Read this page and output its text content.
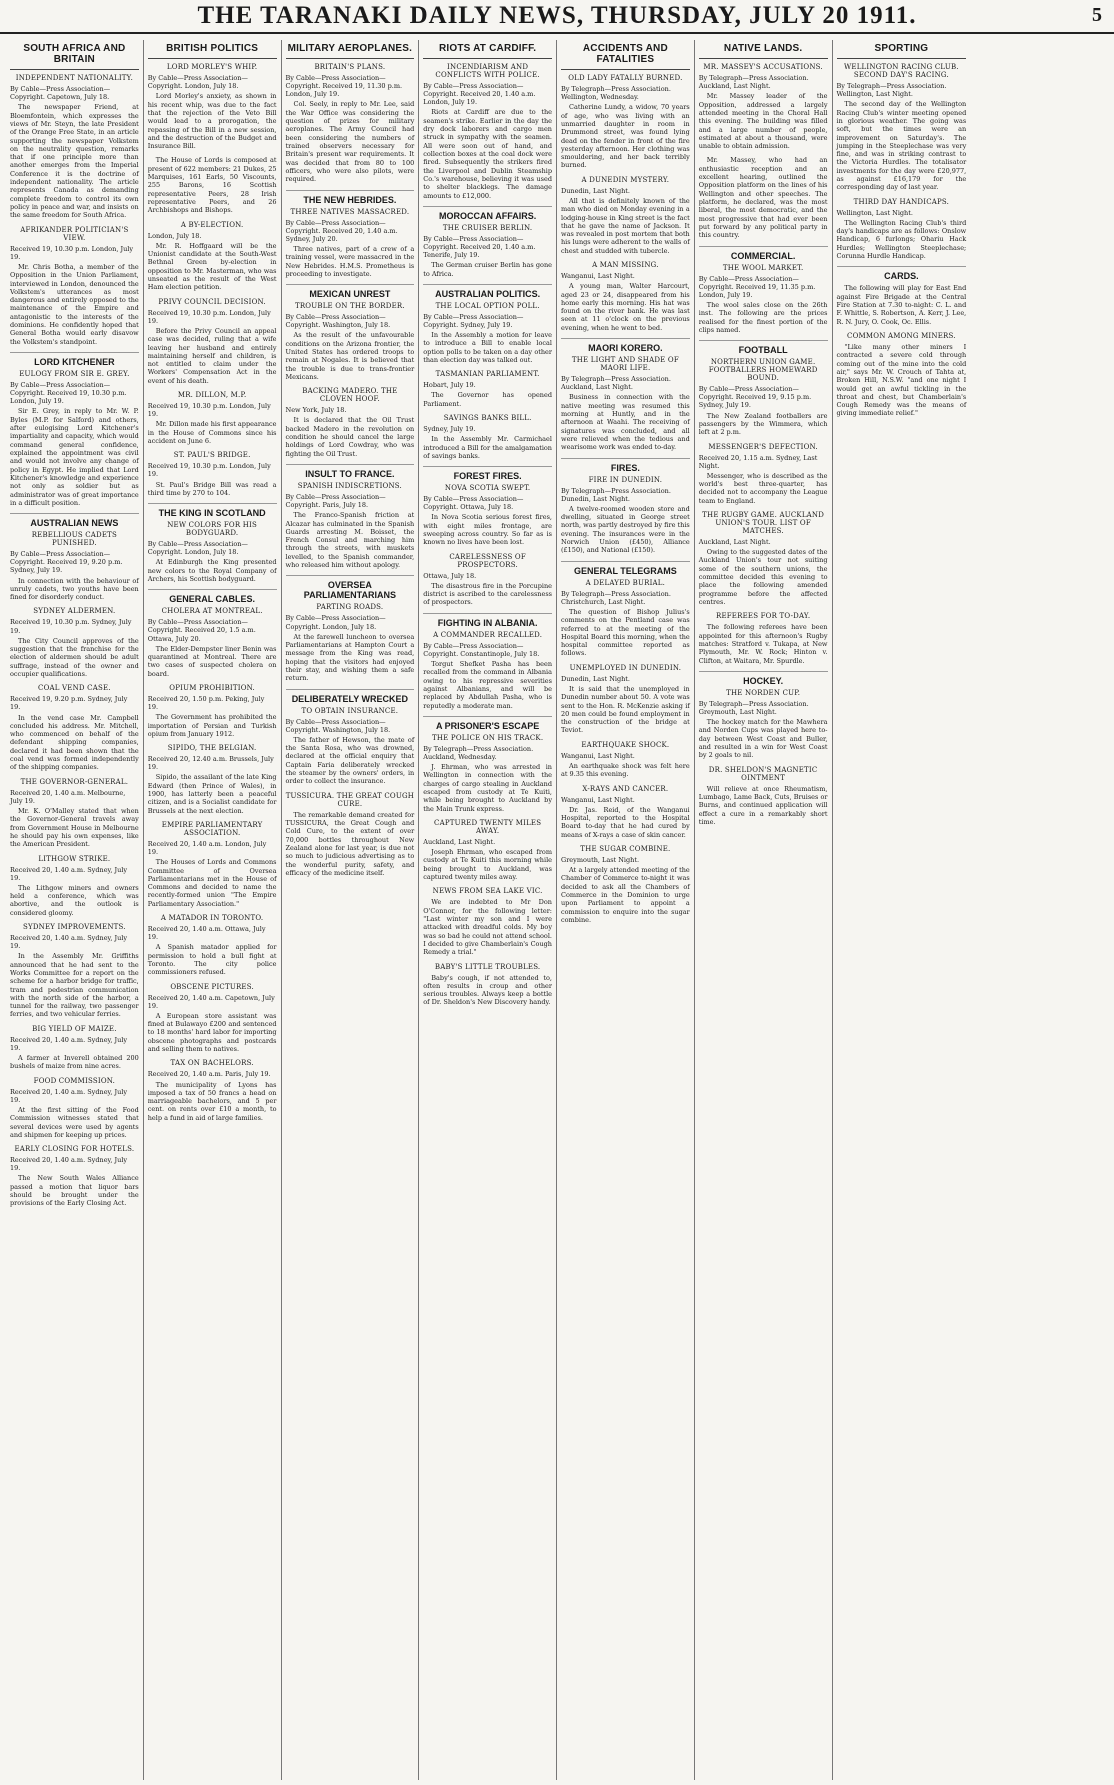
THE TARANAKI DAILY NEWS, THURSDAY, JULY 20 1911.	5
SOUTH AFRICA AND BRITAIN
INDEPENDENT NATIONALITY.
By Cable—Press Association—Copyright. Capetown, July 18.

The newspaper Friend, at Bloemfontein, which expresses the views of Mr. Steyn, the late President of the Orange Free State, in an article supporting the newspaper Volkstem on the neutrality question, remarks that if one principle more than another emerges from the Imperial Conference it is the doctrine of independent nationality. The article represents Canada as demanding complete freedom to control its own policy in peace and war, and insists on the same freedom for South Africa.

AFRIKANDER POLITICIAN'S VIEW.
Received 19, 10.30 p.m. London, July 19.

Mr. Chris Botha, a member of the Opposition in the Union Parliament, interviewed in London, denounced the Volkstem's utterances as most dangerous and entirely opposed to the maintenance of the Empire and antagonistic to the interests of the dominions. He confidently hoped that General Botha would early disavow the Volkstem's standpoint.

LORD KITCHENER
EULOGY FROM SIR E. GREY.
By Cable—Press Association—Copyright. Received 19, 10.30 p.m. London, July 19.

Sir E. Grey, in reply to Mr. W. P. Byles (M.P. for Salford) and others, after eulogising Lord Kitchener's impartiality and capacity, which would command general confidence, explained the appointment was civil and would not involve any change of policy in Egypt. He implied that Lord Kitchener's knowledge and experience not only as soldier but as administrator was of great importance in a difficult position.

AUSTRALIAN NEWS
REBELLIOUS CADETS PUNISHED.
By Cable—Press Association—Copyright. Received 19, 9.20 p.m. Sydney, July 19.

In connection with the behaviour of unruly cadets, two youths have been fined for disorderly conduct.

SYDNEY ALDERMEN.
Received 19, 10.30 p.m. Sydney, July 19.

The City Council approves of the suggestion that the franchise for the election of aldermen should be adult suffrage, instead of the owner and occupier qualifications.

COAL VEND CASE.
Received 19, 9.20 p.m. Sydney, July 19.

In the vend case Mr. Campbell concluded his address. Mr. Mitchell, who commenced on behalf of the defendant shipping companies, declared it had been shown that the coal vend was formed independently of the shipping companies.

THE GOVERNOR-GENERAL.
Received 20, 1.40 a.m. Melbourne, July 19.

Mr. K. O'Malley stated that when the Governor-General travels away from Government House in Melbourne he should pay his own expenses, like the American President.

LITHGOW STRIKE.
Received 20, 1.40 a.m. Sydney, July 19.

The Lithgow miners and owners held a conference, which was abortive, and the outlook is considered gloomy.

SYDNEY IMPROVEMENTS.
Received 20, 1.40 a.m. Sydney, July 19.

In the Assembly Mr. Griffiths announced that he had sent to the Works Committee for a report on the scheme for a harbor bridge for traffic, tram and pedestrian communication with the north side of the harbor, a tunnel for the railway, two passenger ferries, and two vehicular ferries.

BIG YIELD OF MAIZE.
Received 20, 1.40 a.m. Sydney, July 19.

A farmer at Inverell obtained 200 bushels of maize from nine acres.

FOOD COMMISSION.
Received 20, 1.40 a.m. Sydney, July 19.

At the first sitting of the Food Commission witnesses stated that several devices were used by agents and shipmen for keeping up prices.

EARLY CLOSING FOR HOTELS.
Received 20, 1.40 a.m. Sydney, July 19.

The New South Wales Alliance passed a motion that liquor bars should be brought under the provisions of the Early Closing Act.

BRITISH POLITICS
LORD MORLEY'S WHIP.
By Cable—Press Association—Copyright. London, July 18.

Lord Morley's anxiety, as shown in his recent whip, was due to the fact that the rejection of the Veto Bill would lead to a prorogation, the repassing of the Bill in a new session, and the destruction of the Budget and Insurance Bill.

The House of Lords is composed at present of 622 members: 21 Dukes, 25 Marquises, 161 Earls, 50 Viscounts, 255 Barons, 16 Scottish representative Peers, 28 Irish representative Peers, and 26 Archbishops and Bishops.

A BY-ELECTION.
London, July 18.

Mr. R. Hoffgaard will be the Unionist candidate at the South-West Bethnal Green by-election in opposition to Mr. Masterman, who was unseated as the result of the West Ham election petition.

PRIVY COUNCIL DECISION.
Received 19, 10.30 p.m. London, July 19.

Before the Privy Council an appeal case was decided, ruling that a wife leaving her husband and entirely maintaining herself and children, is not entitled to claim under the Workers' Compensation Act in the event of his death.

MR. DILLON, M.P.
Received 19, 10.30 p.m. London, July 19.

Mr. Dillon made his first appearance in the House of Commons since his accident on June 6.

ST. PAUL'S BRIDGE.
Received 19, 10.30 p.m. London, July 19.

St. Paul's Bridge Bill was read a third time by 270 to 104.

THE KING IN SCOTLAND
NEW COLORS FOR HIS BODYGUARD.
By Cable—Press Association—Copyright. London, July 18.

At Edinburgh the King presented new colors to the Royal Company of Archers, his Scottish bodyguard.

GENERAL CABLES.
CHOLERA AT MONTREAL.
By Cable—Press Association—Copyright. Received 20, 1.5 a.m. Ottawa, July 20.

The Elder-Dempster liner Benin was quarantined at Montreal. There are two cases of suspected cholera on board.

OPIUM PROHIBITION.
Received 20, 1.50 p.m. Peking, July 19.

The Government has prohibited the importation of Persian and Turkish opium from January 1912.

SIPIDO, THE BELGIAN.
Received 20, 12.40 a.m. Brussels, July 19.

Sipido, the assailant of the late King Edward (then Prince of Wales), in 1900, has latterly been a peaceful citizen, and is a Socialist candidate for Brussels at the next election.

EMPIRE PARLIAMENTARY ASSOCIATION.
Received 20, 1.40 a.m. London, July 19.

The Houses of Lords and Commons Committee of Oversea Parliamentarians met in the House of Commons and decided to name the recently-formed union "The Empire Parliamentary Association."

A MATADOR IN TORONTO.
Received 20, 1.40 a.m. Ottawa, July 19.

A Spanish matador applied for permission to hold a bull fight at Toronto. The city police commissioners refused.

OBSCENE PICTURES.
Received 20, 1.40 a.m. Capetown, July 19.

A European store assistant was fined at Bulawayo £200 and sentenced to 18 months' hard labor for importing obscene photographs and postcards and selling them to natives.

TAX ON BACHELORS.
Received 20, 1.40 a.m. Paris, July 19.

The municipality of Lyons has imposed a tax of 50 francs a head on marriageable bachelors, and 5 per cent. on rents over £10 a month, to help a fund in aid of large families.

MILITARY AEROPLANES.
BRITAIN'S PLANS.
By Cable—Press Association—Copyright. Received 19, 11.30 p.m. London, July 19.

Col. Seely, in reply to Mr. Lee, said the War Office was considering the question of prizes for military aeroplanes. The Army Council had been considering the numbers of trained observers necessary for Britain's present war requirements. It was decided that from 80 to 100 officers, who were also pilots, were required.

THE NEW HEBRIDES.
THREE NATIVES MASSACRED.
By Cable—Press Association—Copyright. Received 20, 1.40 a.m. Sydney, July 20.

Three natives, part of a crew of a training vessel, were massacred in the New Hebrides. H.M.S. Prometheus is proceeding to investigate.

MEXICAN UNREST
TROUBLE ON THE BORDER.
By Cable—Press Association—Copyright. Washington, July 18.

As the result of the unfavourable conditions on the Arizona frontier, the United States has ordered troops to remain at Nogales. It is believed that the trouble is due to trans-frontier Mexicans.

BACKING MADERO. THE CLOVEN HOOF.
New York, July 18.

It is declared that the Oil Trust backed Madero in the revolution on condition he should cancel the large holdings of Lord Cowdray, who was fighting the Oil Trust.

INSULT TO FRANCE.
SPANISH INDISCRETIONS.
By Cable—Press Association—Copyright. Paris, July 18.

The Franco-Spanish friction at Alcazar has culminated in the Spanish Guards arresting M. Boisset, the French Consul and marching him through the streets, with muskets levelled, to the Spanish commander, who released him without apology.

OVERSEA PARLIAMENTARIANS
PARTING ROADS.
By Cable—Press Association—Copyright. London, July 18.

At the farewell luncheon to oversea Parliamentarians at Hampton Court a message from the King was read, hoping that the visitors had enjoyed their stay, and wishing them a safe return.

DELIBERATELY WRECKED
TO OBTAIN INSURANCE.
By Cable—Press Association—Copyright. Washington, July 18.

The father of Hewson, the mate of the Santa Rosa, who was drowned, declared at the official enquiry that Captain Faria deliberately wrecked the steamer by the owners' orders, in order to collect the insurance.

TUSSICURA. THE GREAT COUGH CURE.

The remarkable demand created for TUSSICURA, the Great Cough and Cold Cure, to the extent of over 70,000 bottles throughout New Zealand alone for last year, is due not so much to judicious advertising as to the wonderful purity, safety, and efficacy of the medicine itself.

RIOTS AT CARDIFF.
INCENDIARISM AND CONFLICTS WITH POLICE.
By Cable—Press Association—Copyright. Received 20, 1.40 a.m. London, July 19.

Riots at Cardiff are due to the seamen's strike. Earlier in the day the dry dock laborers and cargo men struck in sympathy with the seamen. All were soon out of hand, and collection boxes at the coal dock were fired. Subsequently the strikers fired the Liverpool and Dublin Steamship Co.'s warehouse, believing it was used to shelter blacklegs. The damage amounts to £12,000.

MOROCCAN AFFAIRS.
THE CRUISER BERLIN.
By Cable—Press Association—Copyright. Received 20, 1.40 a.m. Tenerife, July 19.

The German cruiser Berlin has gone to Africa.

AUSTRALIAN POLITICS.
THE LOCAL OPTION POLL.
By Cable—Press Association—Copyright. Sydney, July 19.

In the Assembly a motion for leave to introduce a Bill to enable local option polls to be taken on a day other than election day was talked out.

TASMANIAN PARLIAMENT.
Hobart, July 19.

The Governor has opened Parliament.

SAVINGS BANKS BILL.
Sydney, July 19.

In the Assembly Mr. Carmichael introduced a Bill for the amalgamation of savings banks.

FOREST FIRES.
NOVA SCOTIA SWEPT.
By Cable—Press Association—Copyright. Ottawa, July 18.

In Nova Scotia serious forest fires, with eight miles frontage, are sweeping across country. So far as is known no lives have been lost.

CARELESSNESS OF PROSPECTORS.
Ottawa, July 18.

The disastrous fire in the Porcupine district is ascribed to the carelessness of prospectors.

FIGHTING IN ALBANIA.
A COMMANDER RECALLED.
By Cable—Press Association—Copyright. Constantinople, July 18.

Torgut Shefket Pasha has been recalled from the command in Albania owing to his repressive severities against Albanians, and will be replaced by Abdullah Pasha, who is reputedly a moderate man.

A PRISONER'S ESCAPE
THE POLICE ON HIS TRACK.
By Telegraph—Press Association. Auckland, Wednesday.

J. Ehrman, who was arrested in Wellington in connection with the charges of cargo stealing in Auckland escaped from custody at Te Kuiti, while being brought to Auckland by the Main Trunk express.

CAPTURED TWENTY MILES AWAY.
Auckland, Last Night.

Joseph Ehrman, who escaped from custody at Te Kuiti this morning while being brought to Auckland, was captured twenty miles away.

NEWS FROM SEA LAKE VIC.

We are indebted to Mr Don O'Connor, for the following letter: "Last winter my son and I were attacked with dreadful colds. My boy was so bad he could not attend school. I decided to give Chamberlain's Cough Remedy a trial."

BABY'S LITTLE TROUBLES.

Baby's cough, if not attended to, often results in croup and other serious troubles. Always keep a bottle of Dr. Sheldon's New Discovery handy.

ACCIDENTS AND FATALITIES
OLD LADY FATALLY BURNED.
By Telegraph—Press Association. Wellington, Wednesday.

Catherine Lundy, a widow, 70 years of age, who was living with an unmarried daughter in room in Drummond street, was found lying dead on the fender in front of the fire yesterday afternoon. Her clothing was smouldering, and her back terribly burned.

A DUNEDIN MYSTERY.
Dunedin, Last Night.

All that is definitely known of the man who died on Monday evening in a lodging-house in King street is the fact that he gave the name of Jackson. It was revealed in post mortem that both his lungs were adherent to the walls of chest and studded with tubercle.

A MAN MISSING.
Wanganui, Last Night.

A young man, Walter Harcourt, aged 23 or 24, disappeared from his home early this morning. His hat was found on the river bank. He was last seen at 11 o'clock on the previous evening, when he went to bed.

MAORI KORERO.
THE LIGHT AND SHADE OF MAORI LIFE.
By Telegraph—Press Association. Auckland, Last Night.

Business in connection with the native meeting was resumed this morning at Huntly, and in the afternoon at Waahi. The receiving of signatures was concluded, and all were relieved when the tedious and wearisome work was ended to-day.

FIRES.
FIRE IN DUNEDIN.
By Telegraph—Press Association. Dunedin, Last Night.

A twelve-roomed wooden store and dwelling, situated in George street north, was partly destroyed by fire this evening. The insurances were in the Norwich Union (£450), Alliance (£150), and National (£150).

GENERAL TELEGRAMS
A DELAYED BURIAL.
By Telegraph—Press Association. Christchurch, Last Night.

The question of Bishop Julius's comments on the Pentland case was referred to at the meeting of the Hospital Board this morning, when the hospital committee reported as follows.

UNEMPLOYED IN DUNEDIN.
Dunedin, Last Night.

It is said that the unemployed in Dunedin number about 50. A vote was sent to the Hon. R. McKenzie asking if 20 men could be found employment in the construction of the bridge at Teviot.

EARTHQUAKE SHOCK.
Wanganui, Last Night.

An earthquake shock was felt here at 9.35 this evening.

X-RAYS AND CANCER.
Wanganui, Last Night.

Dr. Jas. Reid, of the Wanganui Hospital, reported to the Hospital Board to-day that he had cured by means of X-rays a case of skin cancer.

THE SUGAR COMBINE.
Greymouth, Last Night.

At a largely attended meeting of the Chamber of Commerce to-night it was decided to ask all the Chambers of Commerce in the Dominion to urge upon Parliament to appoint a commission to enquire into the sugar combine.

NATIVE LANDS.
MR. MASSEY'S ACCUSATIONS.
By Telegraph—Press Association. Auckland, Last Night.

Mr. Massey leader of the Opposition, addressed a largely attended meeting in the Choral Hall this evening. The building was filled and a large number of people, estimated at about a thousand, were unable to obtain admission.

Mr. Massey, who had an enthusiastic reception and an excellent hearing, outlined the Opposition platform on the lines of his Wellington and other speeches. The platform, he declared, was the most liberal, the most democratic, and the most progressive that had ever been put forward by any political party in this country.

COMMERCIAL.
THE WOOL MARKET.
By Cable—Press Association—Copyright. Received 19, 11.35 p.m. London, July 19.

The wool sales close on the 26th inst. The following are the prices realised for the finest portion of the clips named.

FOOTBALL
NORTHERN UNION GAME. FOOTBALLERS HOMEWARD BOUND.
By Cable—Press Association—Copyright. Received 19, 9.15 p.m. Sydney, July 19.

The New Zealand footballers are passengers by the Wimmera, which left at 2 p.m.

MESSENGER'S DEFECTION.
Received 20, 1.15 a.m. Sydney, Last Night.

Messenger, who is described as the world's best three-quarter, has decided not to accompany the League team to England.

THE RUGBY GAME. AUCKLAND UNION'S TOUR. LIST OF MATCHES.
Auckland, Last Night.

Owing to the suggested dates of the Auckland Union's tour not suiting some of the southern unions, the committee decided this evening to place the following amended programme before the affected centres.

REFEREES FOR TO-DAY.

The following referees have been appointed for this afternoon's Rugby matches: Stratford v. Tukapa, at New Plymouth, Mr. W. Rock; Hinton v. Clifton, at Waitara, Mr. Spurdle.

HOCKEY.
THE NORDEN CUP.
By Telegraph—Press Association. Greymouth, Last Night.

The hockey match for the Mawhera and Norden Cups was played here to-day between West Coast and Buller, and resulted in a win for West Coast by 2 goals to nil.

DR. SHELDON'S MAGNETIC OINTMENT

Will relieve at once Rheumatism, Lumbago, Lame Back, Cuts, Bruises or Burns, and continued application will effect a cure in a remarkably short time.

SPORTING
WELLINGTON RACING CLUB. SECOND DAY'S RACING.
By Telegraph—Press Association. Wellington, Last Night.

The second day of the Wellington Racing Club's winter meeting opened in glorious weather. The going was soft, but the times were an improvement on Saturday's. The jumping in the Steeplechase was very fine, and was in striking contrast to the Victoria Hurdles. The totalisator investments for the day were £20,977, as against £16,179 for the corresponding day of last year.

THIRD DAY HANDICAPS.
Wellington, Last Night.

The Wellington Racing Club's third day's handicaps are as follows: Onslow Handicap, 6 furlongs; Ohariu Hack Hurdles; Wellington Steeplechase; Corunna Hurdle Handicap.

CARDS.

The following will play for East End against Fire Brigade at the Central Fire Station at 7.30 to-night: C. L. and F. Whittle, S. Robertson, A. Kerr, J. Lee, R. N. Jury, O. Cook, Oc. Ellis.

COMMON AMONG MINERS.

"Like many other miners I contracted a severe cold through coming out of the mine into the cold air," says Mr. W. Crouch of Tahta at, Broken Hill, N.S.W. "and one night I would get an awful tickling in the throat and chest, but Chamberlain's Cough Remedy was the means of giving immediate relief."
